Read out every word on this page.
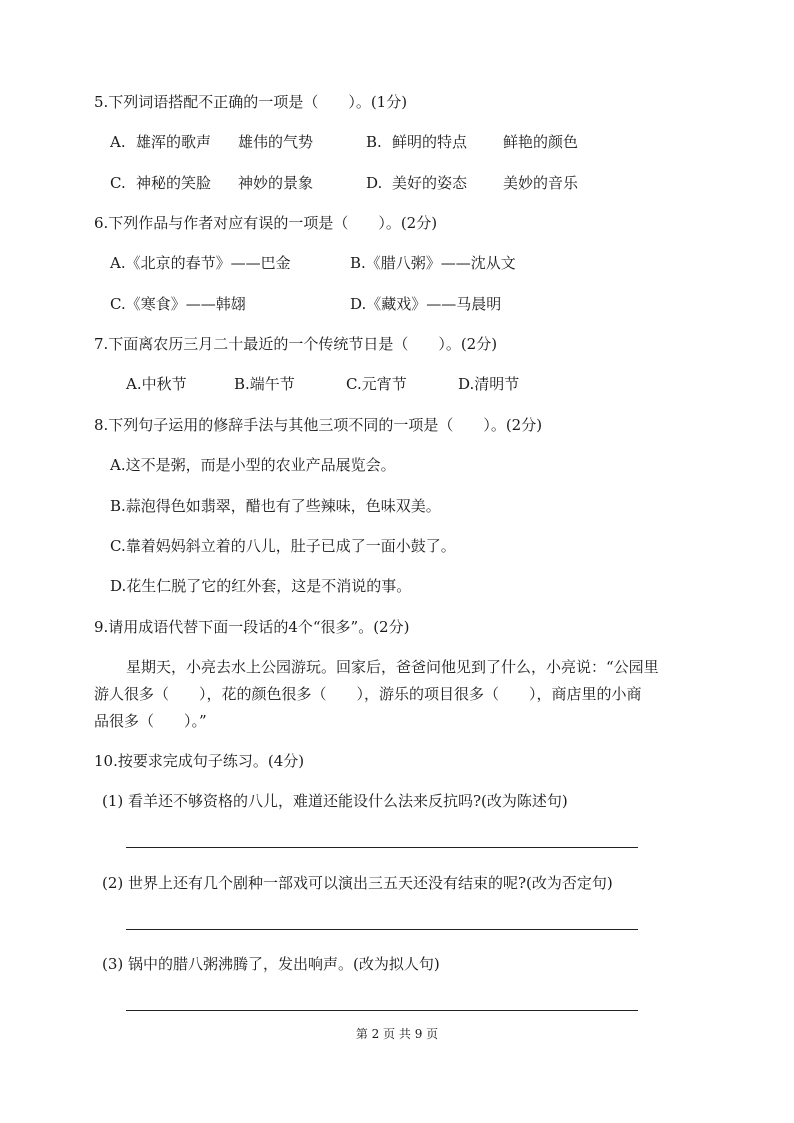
5.下列词语搭配不正确的一项是（　　）。(1分)
A. 雄浑的歌声 雄伟的气势	B. 鲜明的特点 鲜艳的颜色
C. 神秘的笑脸 神妙的景象	D. 美好的姿态 美妙的音乐
6.下列作品与作者对应有误的一项是（　　）。(2分)
A.《北京的春节》——巴金	B.《腊八粥》——沈从文
C.《寒食》——韩翃	D.《藏戏》——马晨明
7.下面离农历三月二十最近的一个传统节日是（　　）。(2分)
A.中秋节	B.端午节	C.元宵节	D.清明节
8.下列句子运用的修辞手法与其他三项不同的一项是（　　）。(2分)
A.这不是粥，而是小型的农业产品展览会。
B.蒜泡得色如翡翠，醋也有了些辣味，色味双美。
C.靠着妈妈斜立着的八儿，肚子已成了一面小鼓了。
D.花生仁脱了它的红外套，这是不消说的事。
9.请用成语代替下面一段话的4个“很多”。(2分)
星期天，小亮去水上公园游玩。回家后，爸爸问他见到了什么，小亮说：“公园里
游人很多（　　），花的颜色很多（　　），游乐的项目很多（　　），商店里的小商
品很多（　　）。”
10.按要求完成句子练习。(4分)
(1) 看羊还不够资格的八儿，难道还能设什么法来反抗吗?(改为陈述句)
(2) 世界上还有几个剧种一部戏可以演出三五天还没有结束的呢?(改为否定句)
(3) 锅中的腊八粥沸腾了，发出响声。(改为拟人句)
第 2 页 共 9 页
